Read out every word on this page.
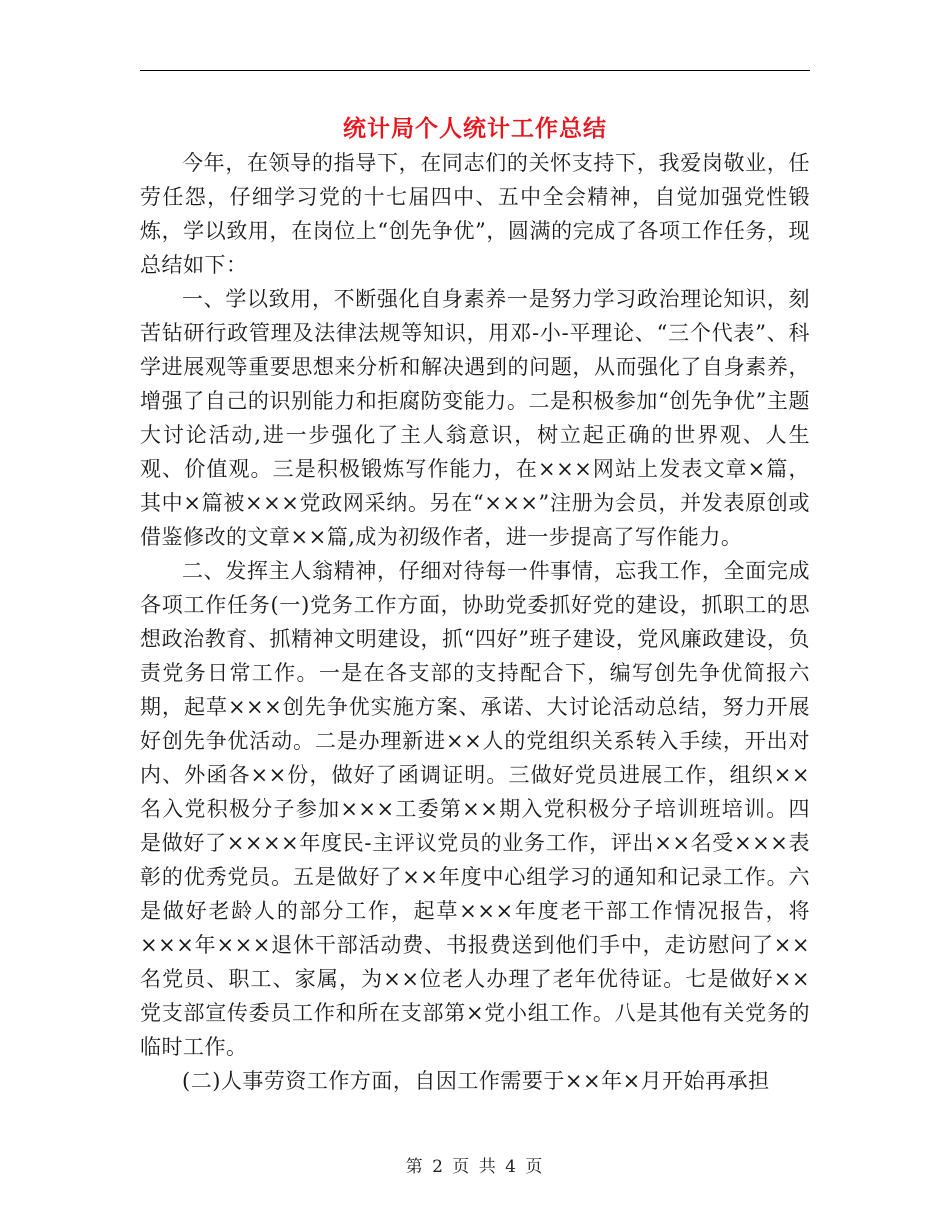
统计局个人统计工作总结

今年，在领导的指导下，在同志们的关怀支持下，我爱岗敬业，任劳任怨，仔细学习党的十七届四中、五中全会精神，自觉加强党性锻炼，学以致用，在岗位上“创先争优”，圆满的完成了各项工作任务，现总结如下：

一、学以致用，不断强化自身素养一是努力学习政治理论知识，刻苦钻研行政管理及法律法规等知识，用邓-小-平理论、“三个代表”、科学进展观等重要思想来分析和解决遇到的问题，从而强化了自身素养，增强了自己的识别能力和拒腐防变能力。二是积极参加“创先争优”主题大讨论活动,进一步强化了主人翁意识，树立起正确的世界观、人生观、价值观。三是积极锻炼写作能力，在×××网站上发表文章×篇，其中×篇被×××党政网采纳。另在“×××”注册为会员，并发表原创或借鉴修改的文章××篇,成为初级作者，进一步提高了写作能力。

二、发挥主人翁精神，仔细对待每一件事情，忘我工作，全面完成各项工作任务(一)党务工作方面，协助党委抓好党的建设，抓职工的思想政治教育、抓精神文明建设，抓“四好”班子建设，党风廉政建设，负责党务日常工作。一是在各支部的支持配合下，编写创先争优简报六期，起草×××创先争优实施方案、承诺、大讨论活动总结，努力开展好创先争优活动。二是办理新进××人的党组织关系转入手续，开出对内、外函各××份，做好了函调证明。三做好党员进展工作，组织××名入党积极分子参加×××工委第××期入党积极分子培训班培训。四是做好了××××年度民-主评议党员的业务工作，评出××名受×××表彰的优秀党员。五是做好了××年度中心组学习的通知和记录工作。六是做好老龄人的部分工作，起草×××年度老干部工作情况报告，将×××年×××退休干部活动费、书报费送到他们手中，走访慰问了××名党员、职工、家属，为××位老人办理了老年优待证。七是做好××党支部宣传委员工作和所在支部第×党小组工作。八是其他有关党务的临时工作。

(二)人事劳资工作方面，自因工作需要于××年×月开始再承担

第 2 页 共 4 页
